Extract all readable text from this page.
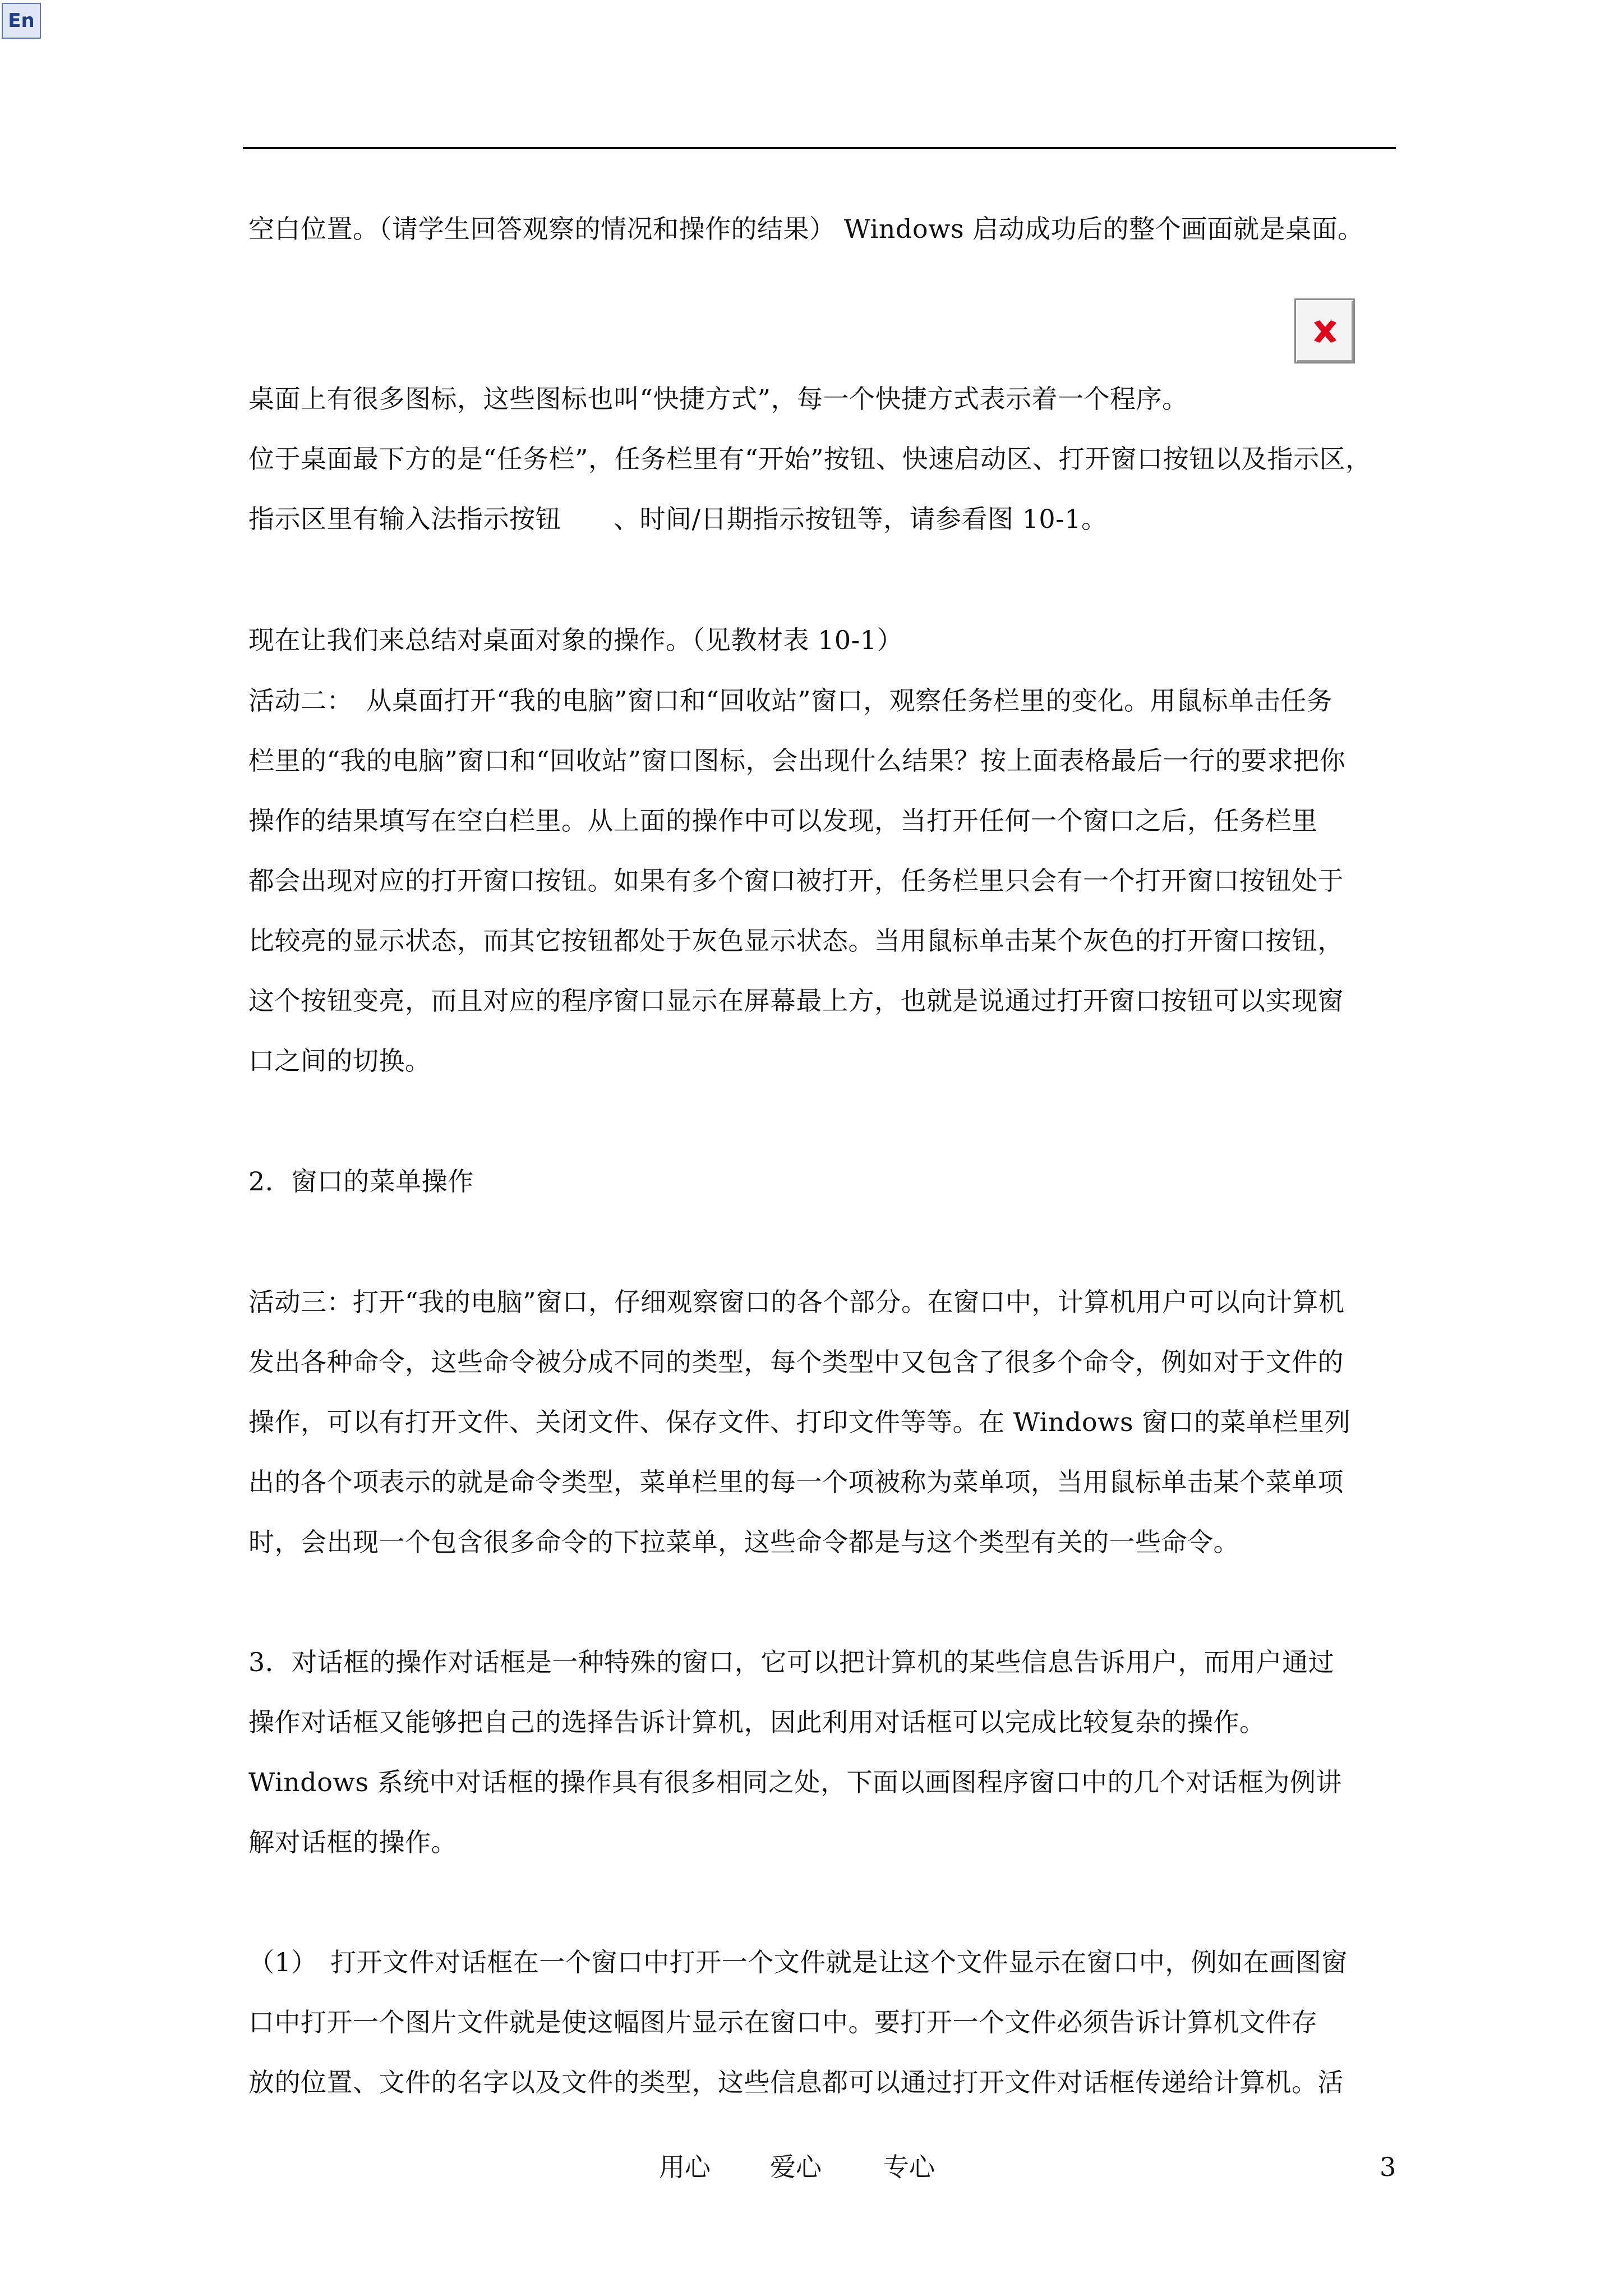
En
空白位置。（请学生回答观察的情况和操作的结果） Windows 启动成功后的整个画面就是桌面。
桌面上有很多图标，这些图标也叫“快捷方式”，每一个快捷方式表示着一个程序。
位于桌面最下方的是“任务栏”，任务栏里有“开始”按钮、快速启动区、打开窗口按钮以及指示区，
指示区里有输入法指示按钮　　、时间/日期指示按钮等，请参看图 10-1。
现在让我们来总结对桌面对象的操作。（见教材表 10-1）
活动二：　从桌面打开“我的电脑”窗口和“回收站”窗口，观察任务栏里的变化。用鼠标单击任务
栏里的“我的电脑”窗口和“回收站”窗口图标，会出现什么结果？按上面表格最后一行的要求把你
操作的结果填写在空白栏里。从上面的操作中可以发现，当打开任何一个窗口之后，任务栏里
都会出现对应的打开窗口按钮。如果有多个窗口被打开，任务栏里只会有一个打开窗口按钮处于
比较亮的显示状态，而其它按钮都处于灰色显示状态。当用鼠标单击某个灰色的打开窗口按钮，
这个按钮变亮，而且对应的程序窗口显示在屏幕最上方，也就是说通过打开窗口按钮可以实现窗
口之间的切换。
2．窗口的菜单操作
活动三：打开“我的电脑”窗口，仔细观察窗口的各个部分。在窗口中，计算机用户可以向计算机
发出各种命令，这些命令被分成不同的类型，每个类型中又包含了很多个命令，例如对于文件的
操作，可以有打开文件、关闭文件、保存文件、打印文件等等。在 Windows 窗口的菜单栏里列
出的各个项表示的就是命令类型，菜单栏里的每一个项被称为菜单项，当用鼠标单击某个菜单项
时，会出现一个包含很多命令的下拉菜单，这些命令都是与这个类型有关的一些命令。
3．对话框的操作对话框是一种特殊的窗口，它可以把计算机的某些信息告诉用户，而用户通过
操作对话框又能够把自己的选择告诉计算机，因此利用对话框可以完成比较复杂的操作。
Windows 系统中对话框的操作具有很多相同之处，下面以画图程序窗口中的几个对话框为例讲
解对话框的操作。
（1）　打开文件对话框在一个窗口中打开一个文件就是让这个文件显示在窗口中，例如在画图窗
口中打开一个图片文件就是使这幅图片显示在窗口中。要打开一个文件必须告诉计算机文件存
放的位置、文件的名字以及文件的类型，这些信息都可以通过打开文件对话框传递给计算机。活
用心 爱心 专心	3
